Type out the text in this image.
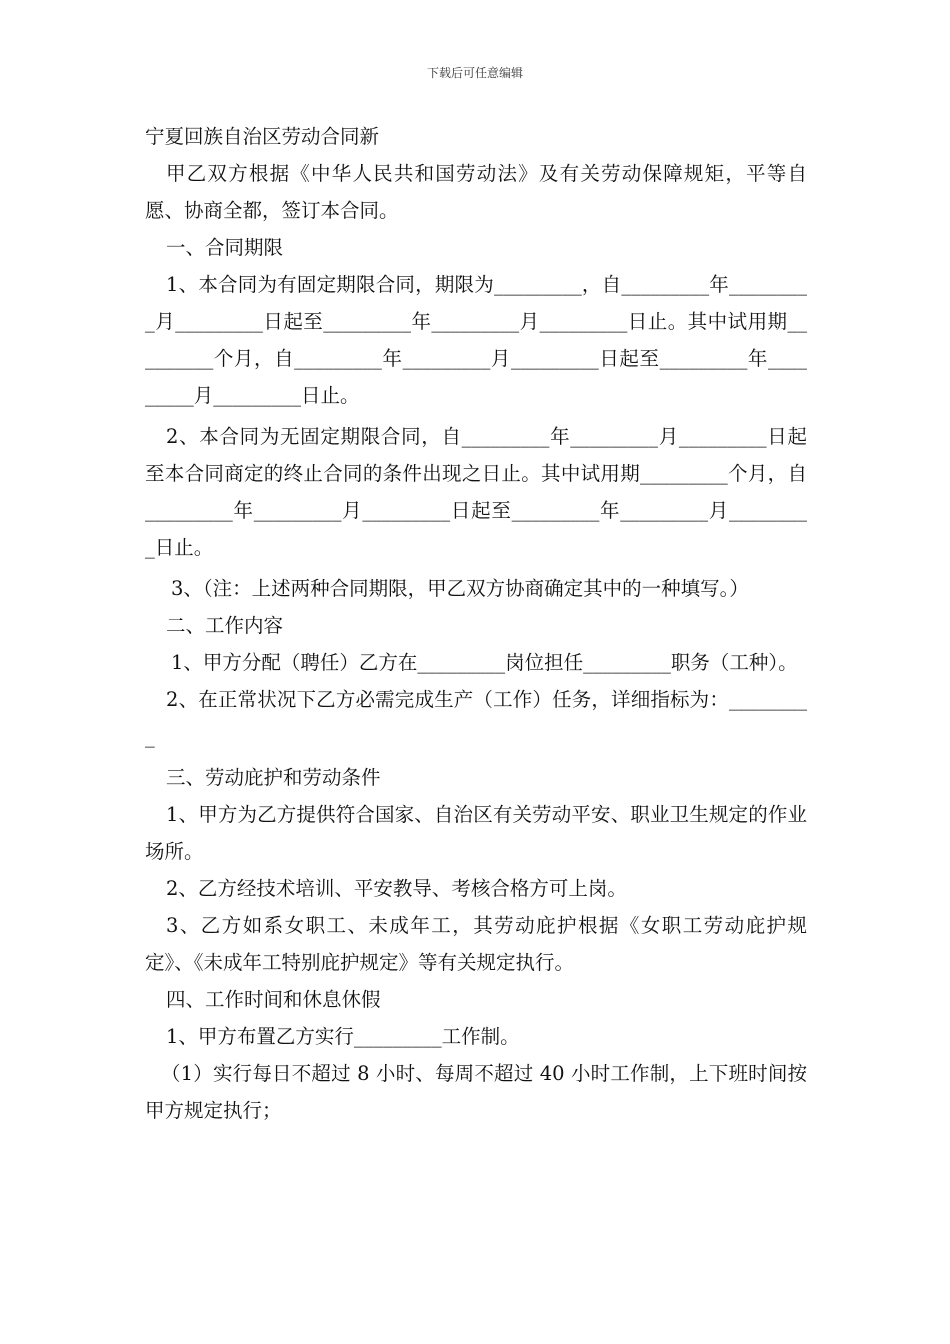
下载后可任意编辑

宁夏回族自治区劳动合同新

甲乙双方根据《中华人民共和国劳动法》及有关劳动保障规矩，平等自愿、协商全都，签订本合同。

一、合同期限

1、本合同为有固定期限合同，期限为_________，自_________年_________月_________日起至_________年_________月_________日止。其中试用期_________个月，自_________年_________月_________日起至_________年_________月_________日止。

2、本合同为无固定期限合同，自_________年_________月_________日起至本合同商定的终止合同的条件出现之日止。其中试用期_________个月，自_________年_________月_________日起至_________年_________月_________日止。

3、（注：上述两种合同期限，甲乙双方协商确定其中的一种填写。）

二、工作内容

1、甲方分配（聘任）乙方在_________岗位担任_________职务（工种）。

2、在正常状况下乙方必需完成生产（工作）任务，详细指标为：_________

三、劳动庇护和劳动条件

1、甲方为乙方提供符合国家、自治区有关劳动平安、职业卫生规定的作业场所。

2、乙方经技术培训、平安教导、考核合格方可上岗。

3、乙方如系女职工、未成年工，其劳动庇护根据《女职工劳动庇护规定》、《未成年工特别庇护规定》等有关规定执行。

四、工作时间和休息休假

1、甲方布置乙方实行_________工作制。

（1）实行每日不超过 8 小时、每周不超过 40 小时工作制，上下班时间按甲方规定执行；
